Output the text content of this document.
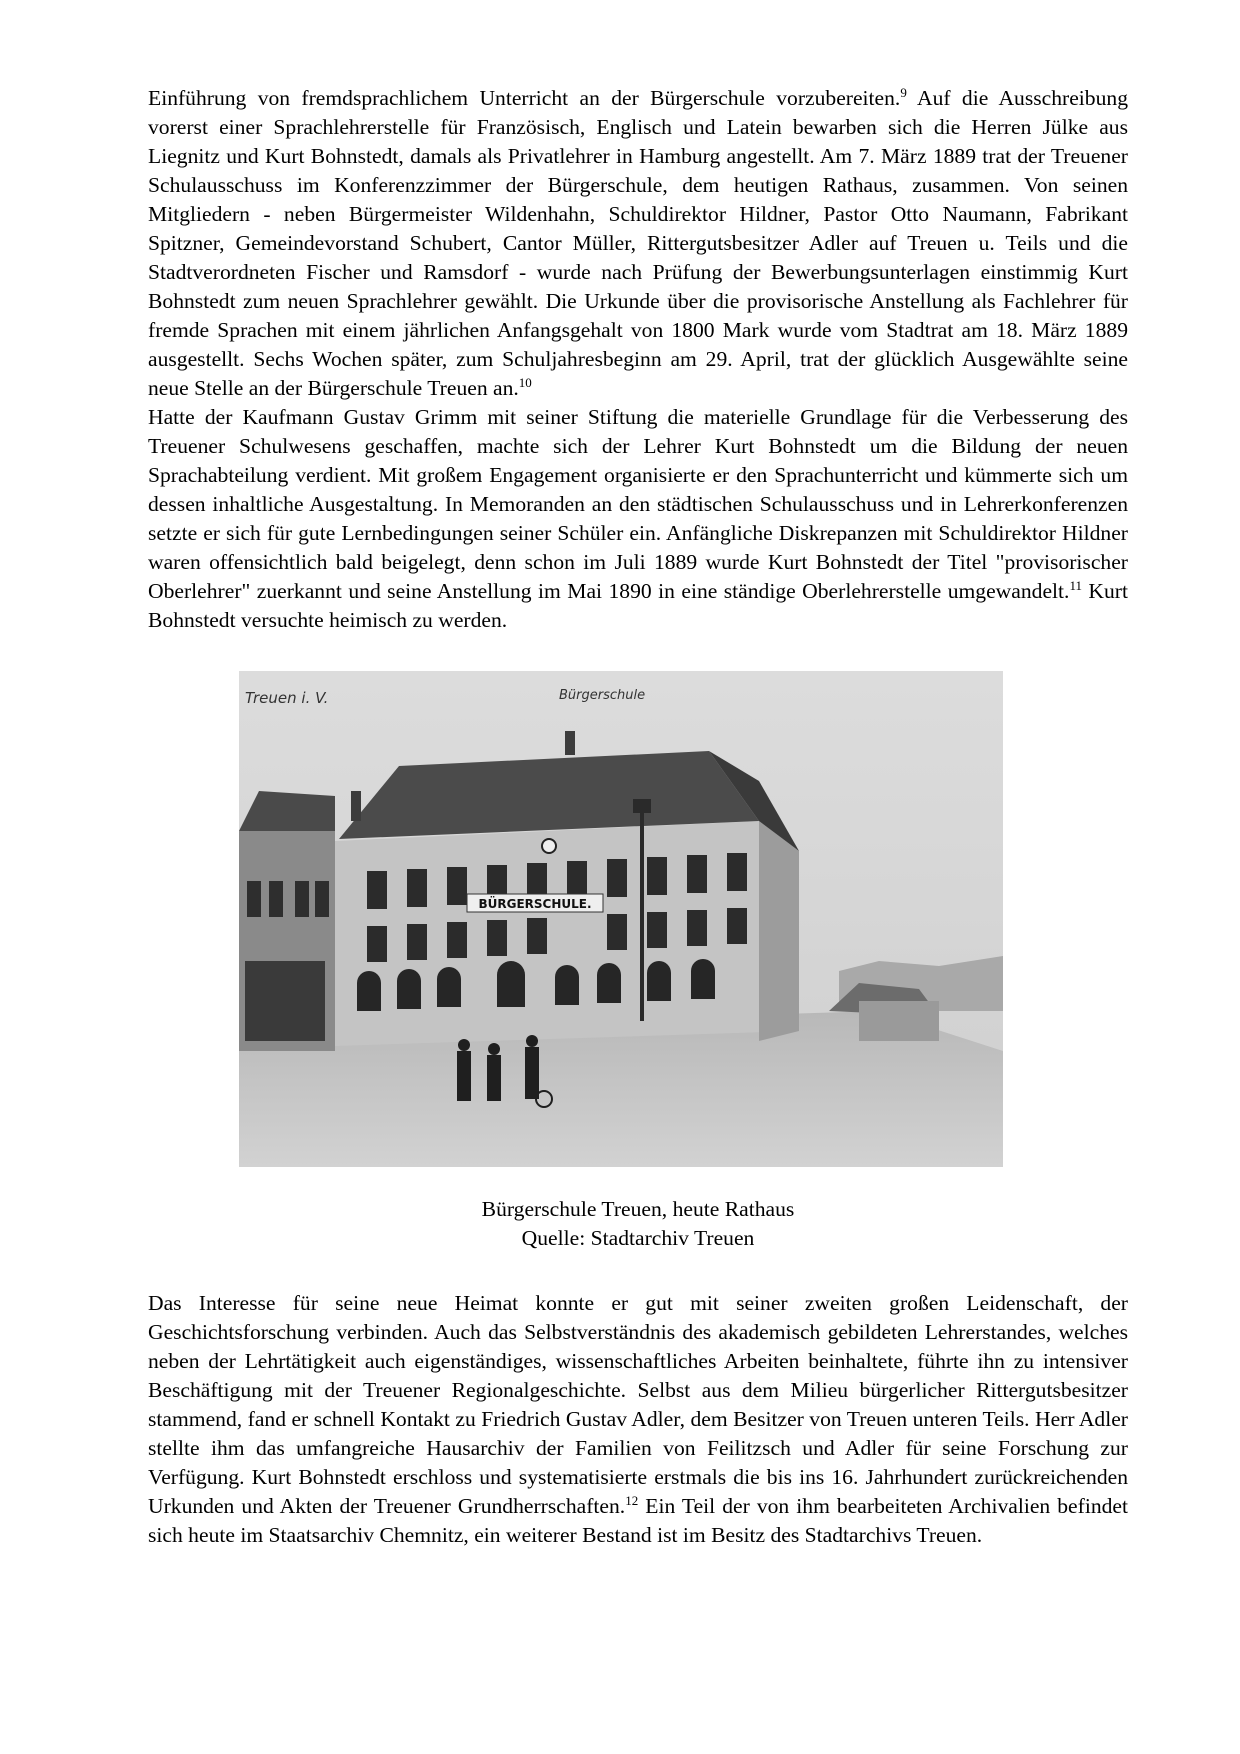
Einführung von fremdsprachlichem Unterricht an der Bürgerschule vorzubereiten.$^9$ Auf die Ausschreibung vorerst einer Sprachlehrerstelle für Französisch, Englisch und Latein bewarben sich die Herren Jülke aus Liegnitz und Kurt Bohnstedt, damals als Privatlehrer in Hamburg angestellt. Am 7. März 1889 trat der Treuener Schulausschuss im Konferenzzimmer der Bürgerschule, dem heutigen Rathaus, zusammen. Von seinen Mitgliedern - neben Bürgermeister Wildenhahn, Schuldirektor Hildner, Pastor Otto Naumann, Fabrikant Spitzner, Gemeindevorstand Schubert, Cantor Müller, Rittergutsbesitzer Adler auf Treuen u. Teils und die Stadtverordneten Fischer und Ramsdorf - wurde nach Prüfung der Bewerbungsunterlagen einstimmig Kurt Bohnstedt zum neuen Sprachlehrer gewählt. Die Urkunde über die provisorische Anstellung als Fachlehrer für fremde Sprachen mit einem jährlichen Anfangsgehalt von 1800 Mark wurde vom Stadtrat am 18. März 1889 ausgestellt. Sechs Wochen später, zum Schuljahresbeginn am 29. April, trat der glücklich Ausgewählte seine neue Stelle an der Bürgerschule Treuen an.$^{10}$

Hatte der Kaufmann Gustav Grimm mit seiner Stiftung die materielle Grundlage für die Verbesserung des Treuener Schulwesens geschaffen, machte sich der Lehrer Kurt Bohnstedt um die Bildung der neuen Sprachabteilung verdient. Mit großem Engagement organisierte er den Sprachunterricht und kümmerte sich um dessen inhaltliche Ausgestaltung. In Memoranden an den städtischen Schulausschuss und in Lehrerkonferenzen setzte er sich für gute Lernbedingungen seiner Schüler ein. Anfängliche Diskrepanzen mit Schuldirektor Hildner waren offensichtlich bald beigelegt, denn schon im Juli 1889 wurde Kurt Bohnstedt der Titel "provisorischer Oberlehrer" zuerkannt und seine Anstellung im Mai 1890 in eine ständige Oberlehrerstelle umgewandelt.$^{11}$ Kurt Bohnstedt versuchte heimisch zu werden.

BÜRGERSCHULE.
Treuen i. V.	Bürgerschule
Bürgerschule Treuen, heute Rathaus
Quelle: Stadtarchiv Treuen

Das Interesse für seine neue Heimat konnte er gut mit seiner zweiten großen Leidenschaft, der Geschichtsforschung verbinden. Auch das Selbstverständnis des akademisch gebildeten Lehrerstandes, welches neben der Lehrtätigkeit auch eigenständiges, wissenschaftliches Arbeiten beinhaltete, führte ihn zu intensiver Beschäftigung mit der Treuener Regionalgeschichte. Selbst aus dem Milieu bürgerlicher Rittergutsbesitzer stammend, fand er schnell Kontakt zu Friedrich Gustav Adler, dem Besitzer von Treuen unteren Teils. Herr Adler stellte ihm das umfangreiche Hausarchiv der Familien von Feilitzsch und Adler für seine Forschung zur Verfügung. Kurt Bohnstedt erschloss und systematisierte erstmals die bis ins 16. Jahrhundert zurückreichenden Urkunden und Akten der Treuener Grundherrschaften.$^{12}$ Ein Teil der von ihm bearbeiteten Archivalien befindet sich heute im Staatsarchiv Chemnitz, ein weiterer Bestand ist im Besitz des Stadtarchivs Treuen.
